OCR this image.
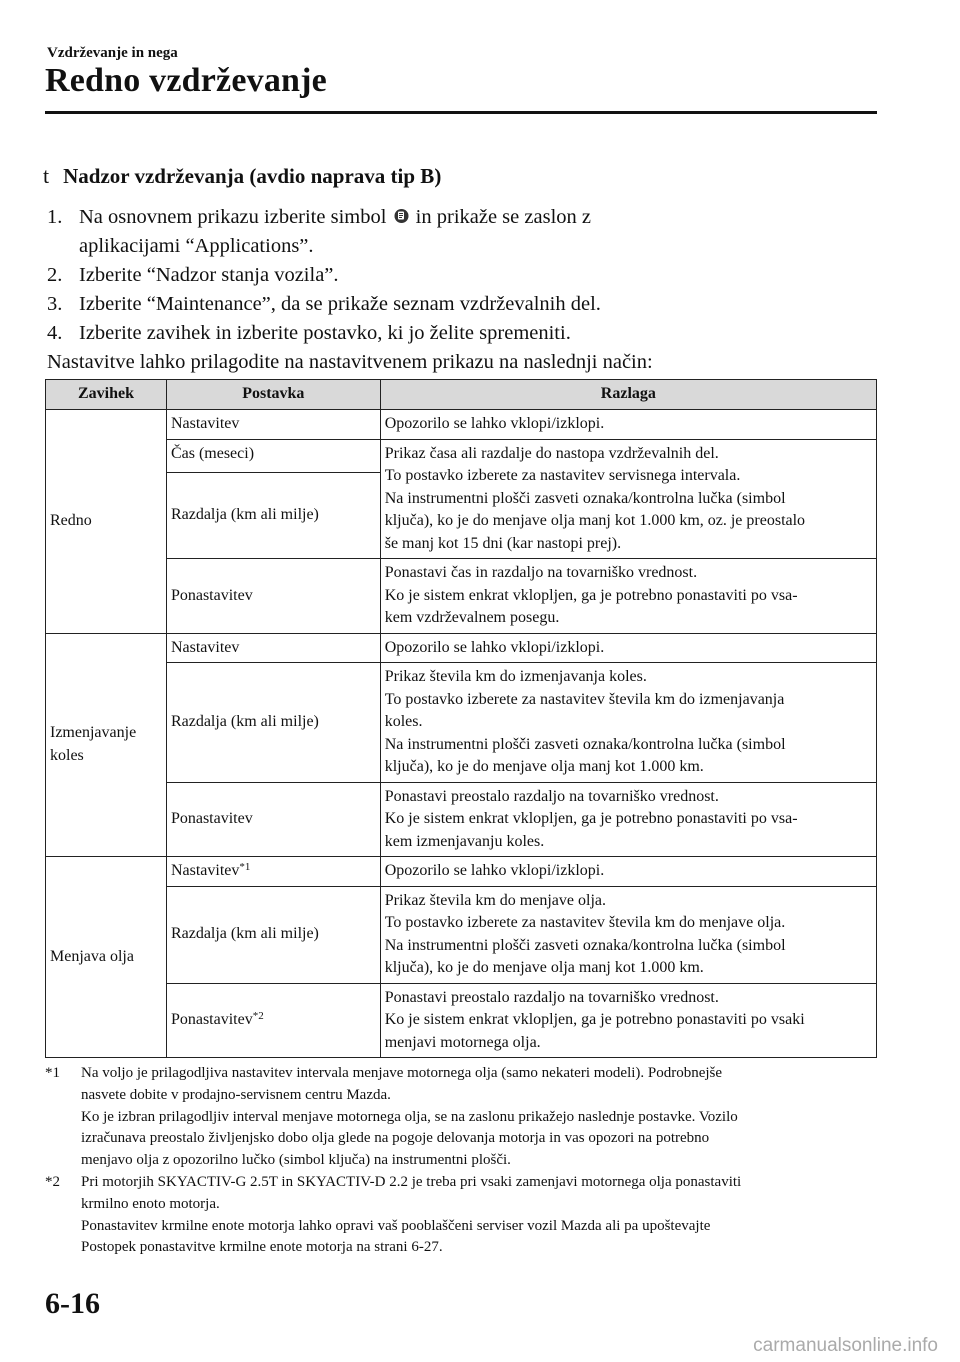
Vzdrževanje in nega
Redno vzdrževanje
t Nadzor vzdrževanja (avdio naprava tip B)
1. Na osnovnem prikazu izberite simbol in prikaže se zaslon z
aplikacijami “Applications”.
2. Izberite “Nadzor stanja vozila”.
3. Izberite “Maintenance”, da se prikaže seznam vzdrževalnih del.
4. Izberite zavihek in izberite postavko, ki jo želite spremeniti.
Nastavitve lahko prilagodite na nastavitvenem prikazu na naslednji način:
Zavihek	Postavka	Razlaga
Redno	Nastavitev	Opozorilo se lahko vklopi/izklopi.
	Čas (meseci)	Prikaz časa ali razdalje do nastopa vzdrževalnih del.
To postavko izberete za nastavitev servisnega intervala.
Na instrumentni plošči zasveti oznaka/kontrolna lučka (simbol
ključa), ko je do menjave olja manj kot 1.000 km, oz. je preostalo
še manj kot 15 dni (kar nastopi prej).
	Razdalja (km ali milje)	
	Ponastavitev	Ponastavi čas in razdaljo na tovarniško vrednost.
Ko je sistem enkrat vklopljen, ga je potrebno ponastaviti po vsa-
kem vzdrževalnem posegu.
Izmenjavanje
koles	Nastavitev	Opozorilo se lahko vklopi/izklopi.
	Razdalja (km ali milje)	Prikaz števila km do izmenjavanja koles.
To postavko izberete za nastavitev števila km do izmenjavanja
koles.
Na instrumentni plošči zasveti oznaka/kontrolna lučka (simbol
ključa), ko je do menjave olja manj kot 1.000 km.
	Ponastavitev	Ponastavi preostalo razdaljo na tovarniško vrednost.
Ko je sistem enkrat vklopljen, ga je potrebno ponastaviti po vsa-
kem izmenjavanju koles.
Menjava olja	Nastavitev$^{*1}$	Opozorilo se lahko vklopi/izklopi.
	Razdalja (km ali milje)	Prikaz števila km do menjave olja.
To postavko izberete za nastavitev števila km do menjave olja.
Na instrumentni plošči zasveti oznaka/kontrolna lučka (simbol
ključa), ko je do menjave olja manj kot 1.000 km.
	Ponastavitev$^{*2}$	Ponastavi preostalo razdaljo na tovarniško vrednost.
Ko je sistem enkrat vklopljen, ga je potrebno ponastaviti po vsaki
menjavi motornega olja.
*1	Na voljo je prilagodljiva nastavitev intervala menjave motornega olja (samo nekateri modeli). Podrobnejše
nasvete dobite v prodajno-servisnem centru Mazda.
Ko je izbran prilagodljiv interval menjave motornega olja, se na zaslonu prikažejo naslednje postavke. Vozilo
izračunava preostalo življenjsko dobo olja glede na pogoje delovanja motorja in vas opozori na potrebno
menjavo olja z opozorilno lučko (simbol ključa) na instrumentni plošči.
*2	Pri motorjih SKYACTIV-G 2.5T in SKYACTIV-D 2.2 je treba pri vsaki zamenjavi motornega olja ponastaviti
krmilno enoto motorja.
Ponastavitev krmilne enote motorja lahko opravi vaš pooblaščeni serviser vozil Mazda ali pa upoštevajte
Postopek ponastavitve krmilne enote motorja na strani 6-27.
6-16
carmanualsonline.info
